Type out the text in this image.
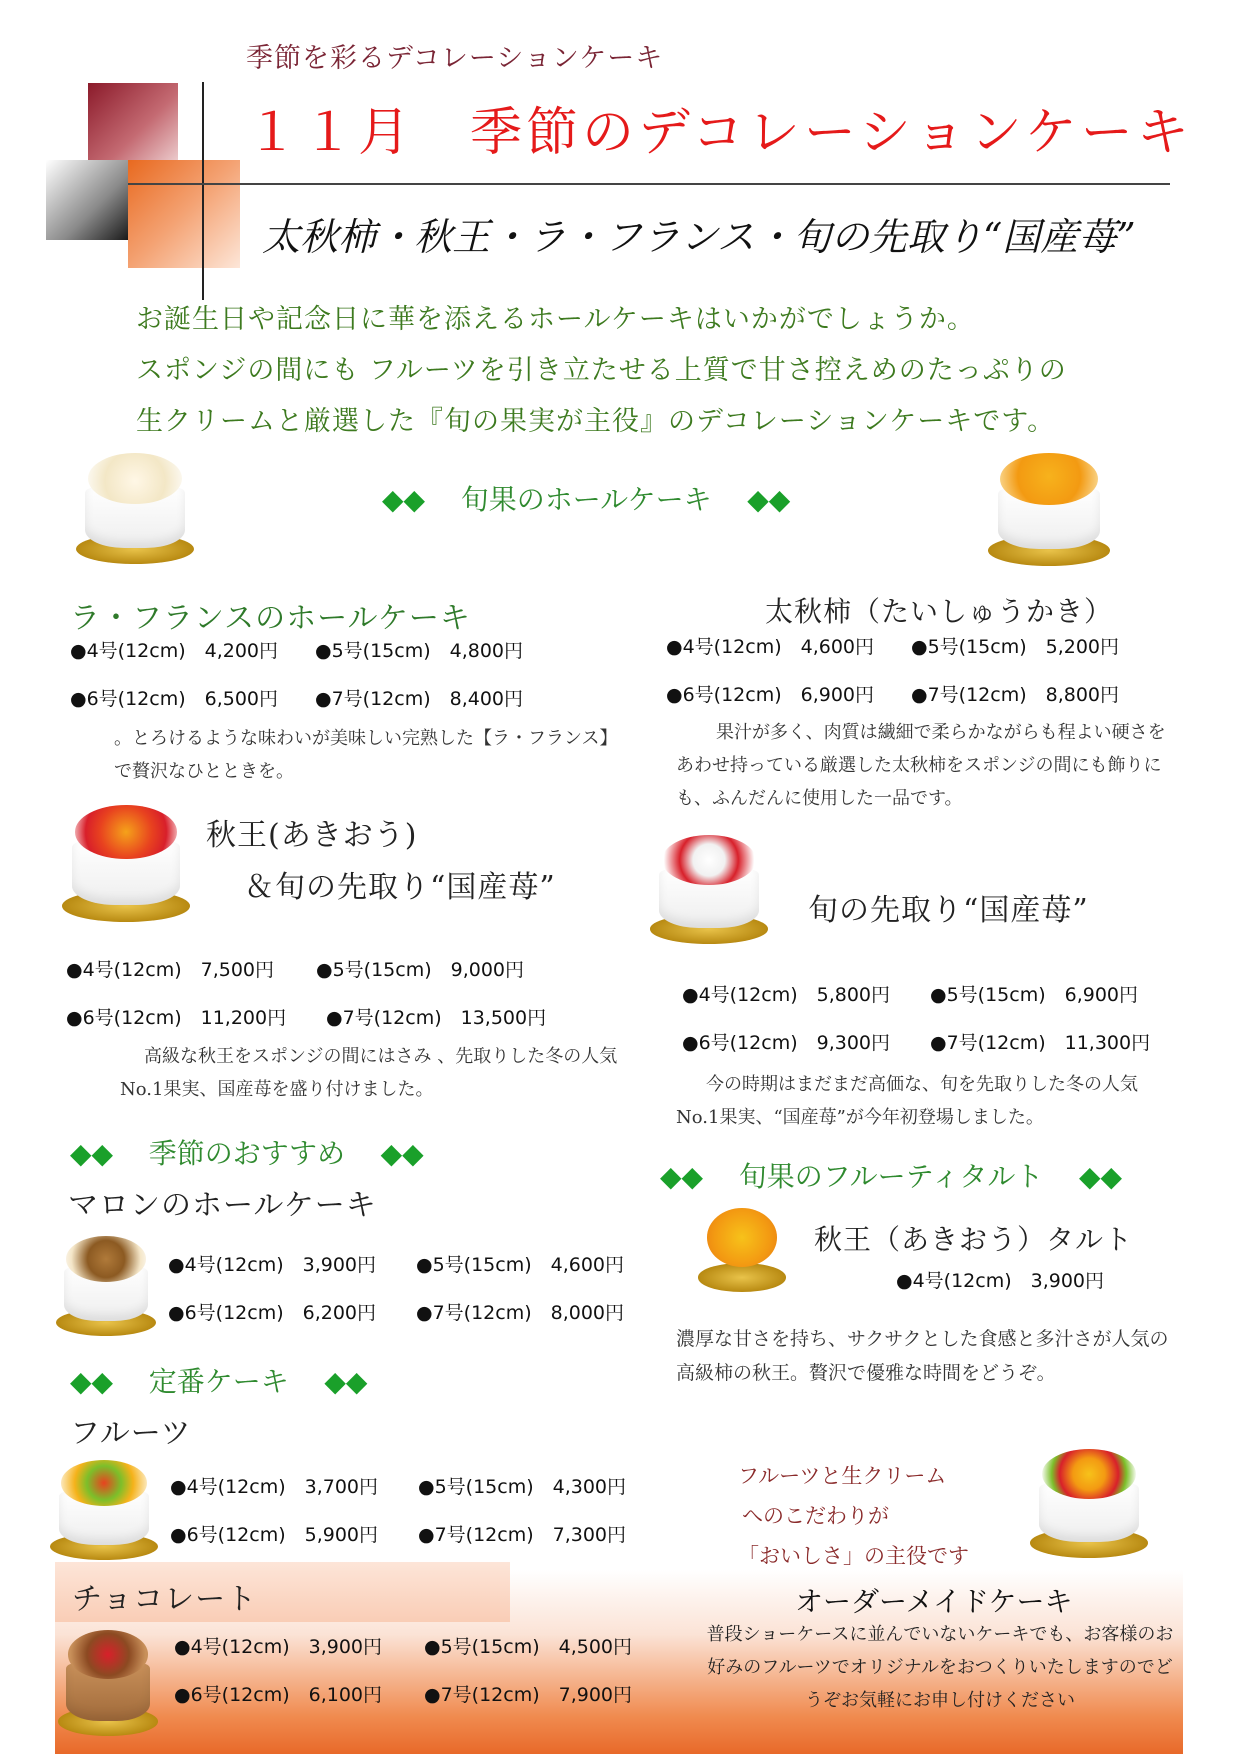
季節を彩るデコレーションケーキ
１１月　季節のデコレーションケーキ
太秋柿・秋王・ラ・フランス・旬の先取り“国産苺”
お誕生日や記念日に華を添えるホールケーキはいかがでしょうか。
スポンジの間にも フルーツを引き立たせる上質で甘さ控えめのたっぷりの
生クリームと厳選した『旬の果実が主役』のデコレーションケーキです。
◆◆ 旬果のホールケーキ ◆◆
ラ・フランスのホールケーキ
●4号(12cm)　4,200円 ●5号(15cm)　4,800円
●6号(12cm)　6,500円 ●7号(12cm)　8,400円
。とろけるような味わいが美味しい完熟した【ラ・フランス】で贅沢なひとときを。
太秋柿（たいしゅうかき）
●4号(12cm)　4,600円 ●5号(15cm)　5,200円
●6号(12cm)　6,900円 ●7号(12cm)　8,800円
果汁が多く、肉質は繊細で柔らかながらも程よい硬さをあわせ持っている厳選した太秋柿をスポンジの間にも飾りにも、ふんだんに使用した一品です。
秋王(あきおう)
＆旬の先取り“国産苺”
●4号(12cm)　7,500円 ●5号(15cm)　9,000円
●6号(12cm)　11,200円 ●7号(12cm)　13,500円
高級な秋王をスポンジの間にはさみ 、先取りした冬の人気No.1果実、国産苺を盛り付けました。
旬の先取り“国産苺”
●4号(12cm)　5,800円 ●5号(15cm)　6,900円
●6号(12cm)　9,300円 ●7号(12cm)　11,300円
今の時期はまだまだ高価な、旬を先取りした冬の人気No.1果実、“国産苺”が今年初登場しました。
◆◆ 季節のおすすめ ◆◆
マロンのホールケーキ
●4号(12cm)　3,900円 ●5号(15cm)　4,600円
●6号(12cm)　6,200円 ●7号(12cm)　8,000円
◆◆ 旬果のフルーティタルト ◆◆
秋王（あきおう）タルト
●4号(12cm)　3,900円
濃厚な甘さを持ち、サクサクとした食感と多汁さが人気の高級柿の秋王。贅沢で優雅な時間をどうぞ。
◆◆ 定番ケーキ ◆◆
フルーツ
●4号(12cm)　3,700円 ●5号(15cm)　4,300円
●6号(12cm)　5,900円 ●7号(12cm)　7,300円
フルーツと生クリーム
へのこだわりが
「おいしさ」の主役です
チョコレート
●4号(12cm)　3,900円 ●5号(15cm)　4,500円
●6号(12cm)　6,100円 ●7号(12cm)　7,900円
オーダーメイドケーキ
普段ショーケースに並んでいないケーキでも、お客様のお好みのフルーツでオリジナルをおつくりいたしますのでどうぞお気軽にお申し付けください
